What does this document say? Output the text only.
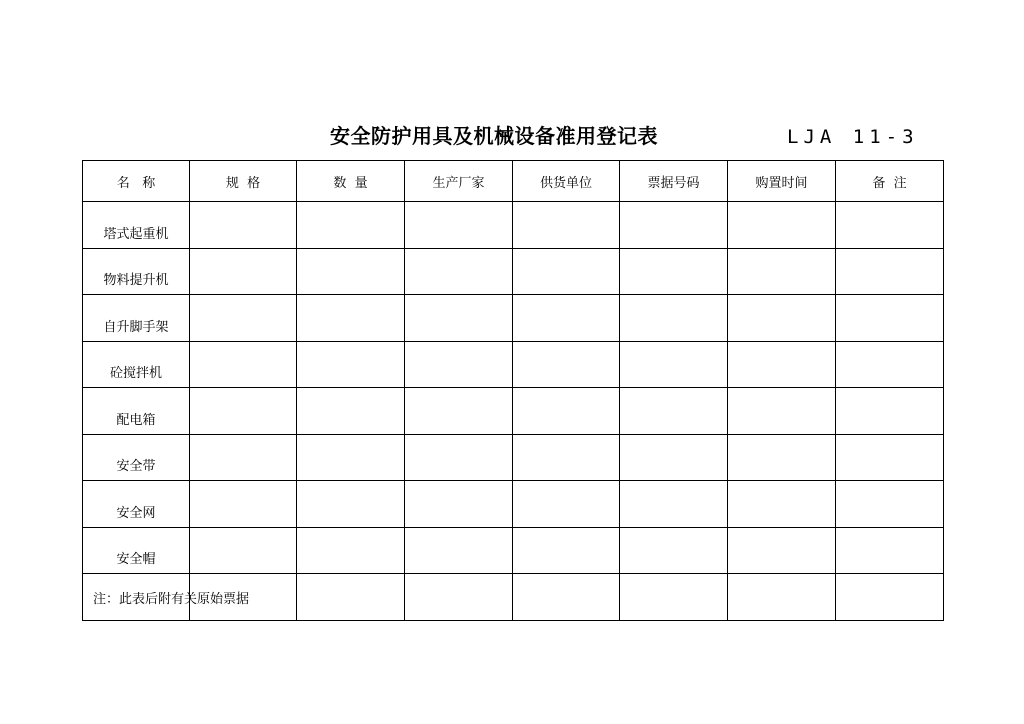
安全防护用具及机械设备准用登记表	LJA 11-3
名   称	规  格	数  量	生产厂家	供货单位	票据号码	购置时间	备  注
塔式起重机							
物料提升机							
自升脚手架							
砼搅拌机							
配电箱							
安全带							
安全网							
安全帽							

注：此表后附有关原始票据
